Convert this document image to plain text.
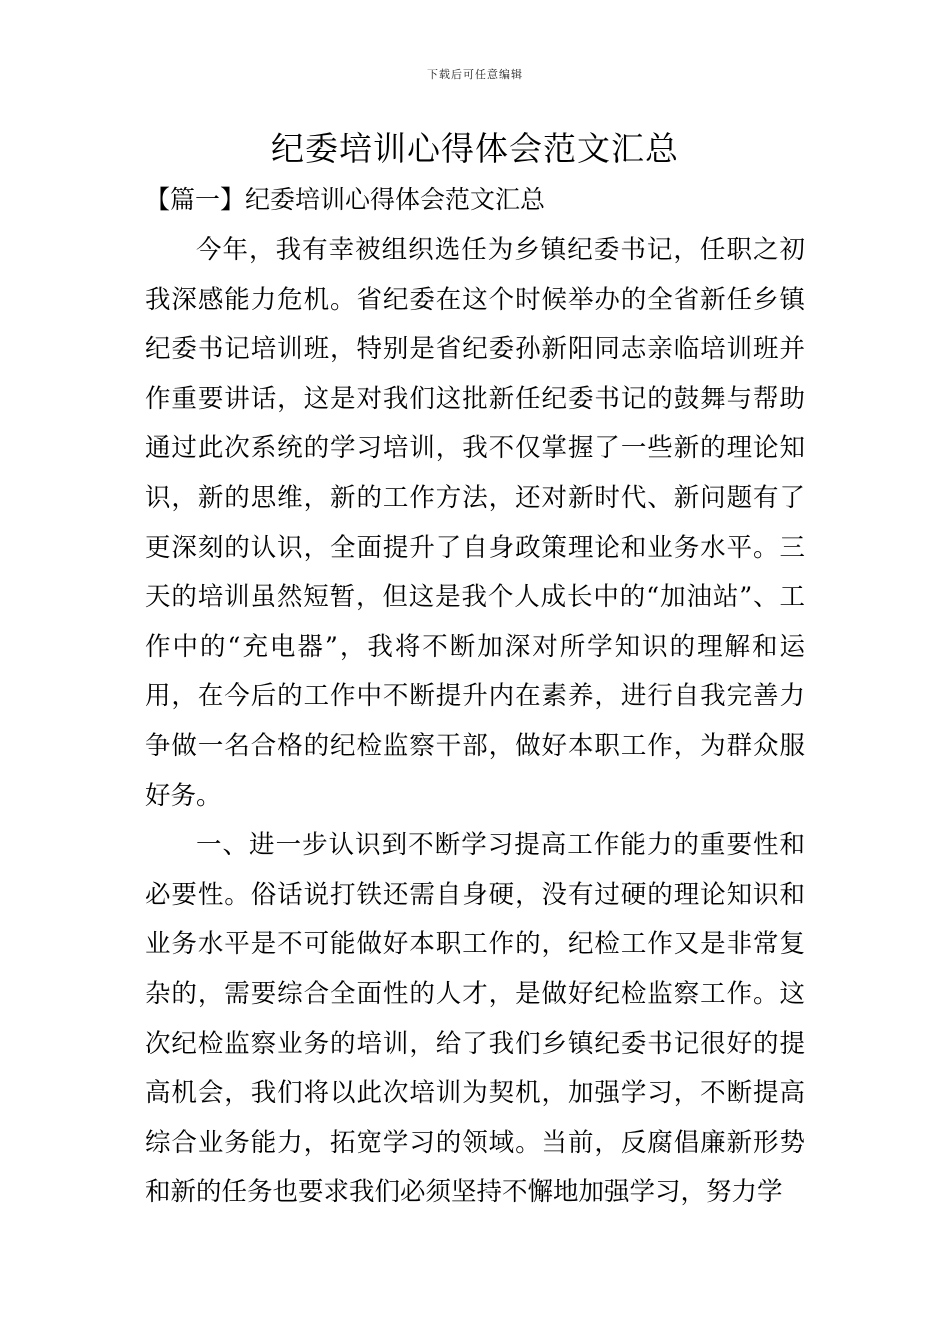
下载后可任意编辑
纪委培训心得体会范文汇总
【篇一】纪委培训心得体会范文汇总

今年，我有幸被组织选任为乡镇纪委书记，任职之初我深感能力危机。省纪委在这个时候举办的全省新任乡镇纪委书记培训班，特别是省纪委孙新阳同志亲临培训班并作重要讲话，这是对我们这批新任纪委书记的鼓舞与帮助通过此次系统的学习培训，我不仅掌握了一些新的理论知识，新的思维，新的工作方法，还对新时代、新问题有了更深刻的认识，全面提升了自身政策理论和业务水平。三天的培训虽然短暂，但这是我个人成长中的“加油站”、工作中的“充电器”，我将不断加深对所学知识的理解和运用，在今后的工作中不断提升内在素养，进行自我完善力争做一名合格的纪检监察干部，做好本职工作，为群众服好务。

一、进一步认识到不断学习提高工作能力的重要性和必要性。俗话说打铁还需自身硬，没有过硬的理论知识和业务水平是不可能做好本职工作的，纪检工作又是非常复杂的，需要综合全面性的人才，是做好纪检监察工作。这次纪检监察业务的培训，给了我们乡镇纪委书记很好的提高机会，我们将以此次培训为契机，加强学习，不断提高综合业务能力，拓宽学习的领域。当前，反腐倡廉新形势和新的任务也要求我们必须坚持不懈地加强学习，努力学
